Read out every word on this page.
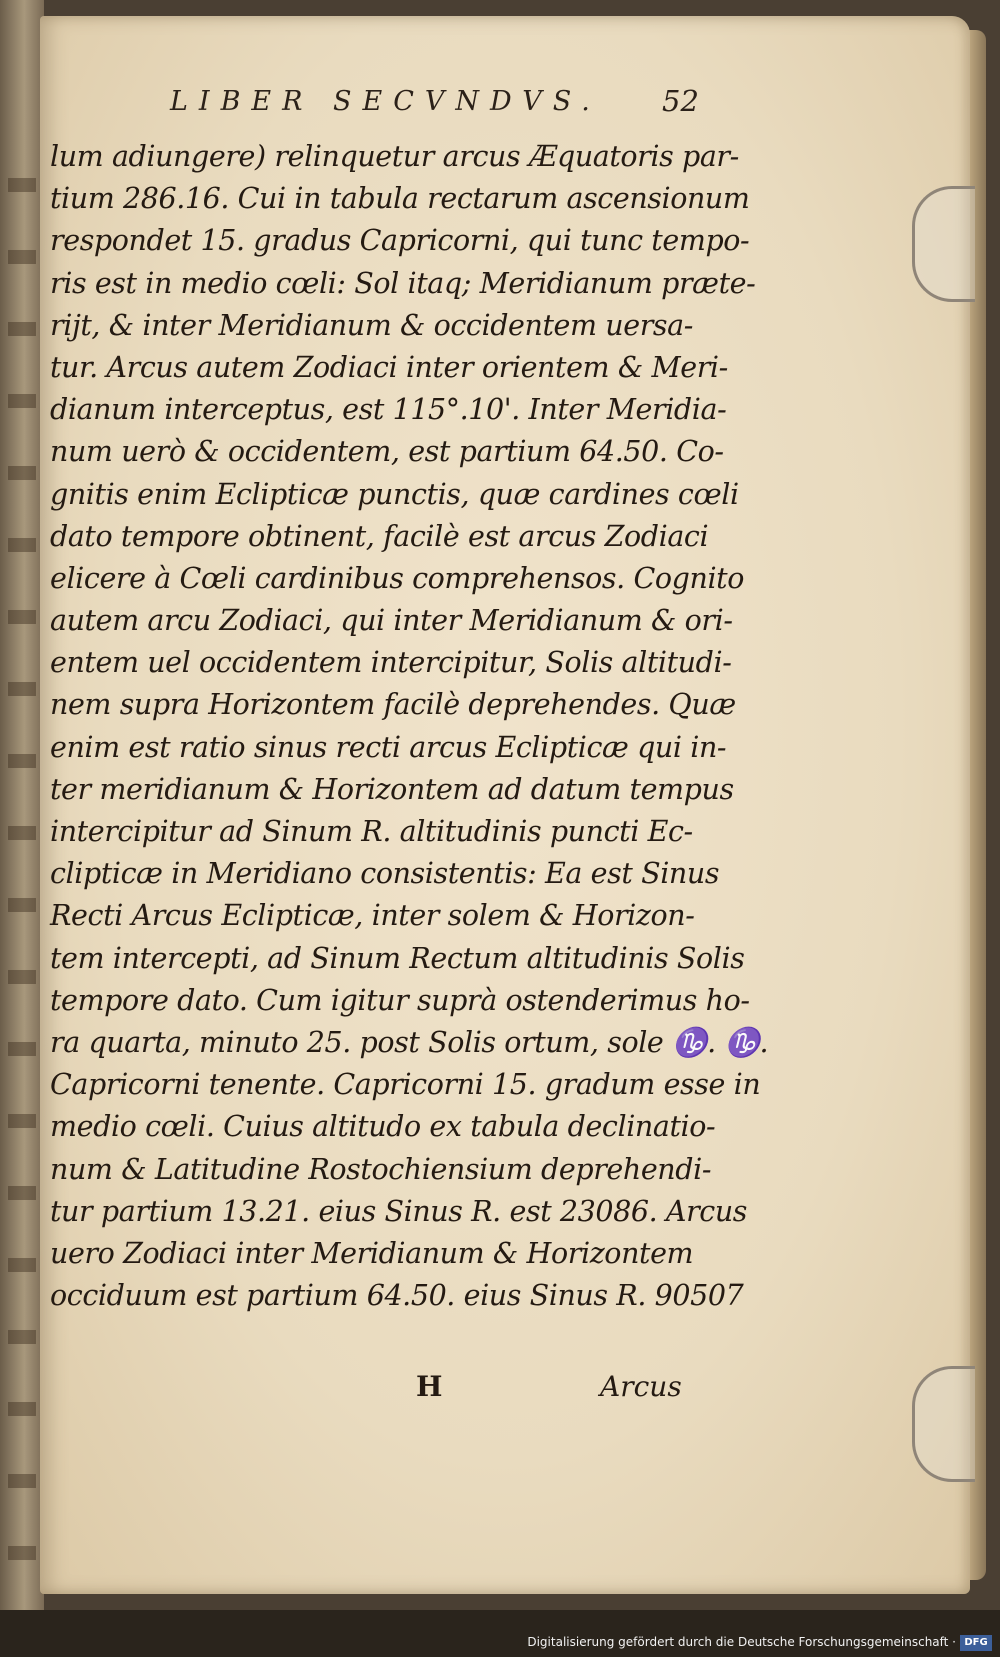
LIBER SECVNDVS.	52
lum adiungere) relinquetur arcus Æquatoris par-
tium 286.16. Cui in tabula rectarum ascensionum
respondet 15. gradus Capricorni, qui tunc tempo-
ris est in medio cœli: Sol itaq; Meridianum præte-
rijt, & inter Meridianum & occidentem uersa-
tur. Arcus autem Zodiaci inter orientem & Meri-
dianum interceptus, est 115°.10'. Inter Meridia-
num uerò & occidentem, est partium 64.50. Co-
gnitis enim Eclipticæ punctis, quæ cardines cœli
dato tempore obtinent, facilè est arcus Zodiaci
elicere à Cœli cardinibus comprehensos. Cognito
autem arcu Zodiaci, qui inter Meridianum & ori-
entem uel occidentem intercipitur, Solis altitudi-
nem supra Horizontem facilè deprehendes. Quæ
enim est ratio sinus recti arcus Eclipticæ qui in-
ter meridianum & Horizontem ad datum tempus
intercipitur ad Sinum R. altitudinis puncti Ec-
clipticæ in Meridiano consistentis: Ea est Sinus
Recti Arcus Eclipticæ, inter solem & Horizon-
tem intercepti, ad Sinum Rectum altitudinis Solis
tempore dato. Cum igitur suprà ostenderimus ho-
ra quarta, minuto 25. post Solis ortum, sole ♑. ♑.
Capricorni tenente. Capricorni 15. gradum esse in
medio cœli. Cuius altitudo ex tabula declinatio-
num & Latitudine Rostochiensium deprehendi-
tur partium 13.21. eius Sinus R. est 23086. Arcus
uero Zodiaci inter Meridianum & Horizontem
occiduum est partium 64.50. eius Sinus R. 90507
H	Arcus
Digitalisierung gefördert durch die Deutsche Forschungsgemeinschaft · DFG
